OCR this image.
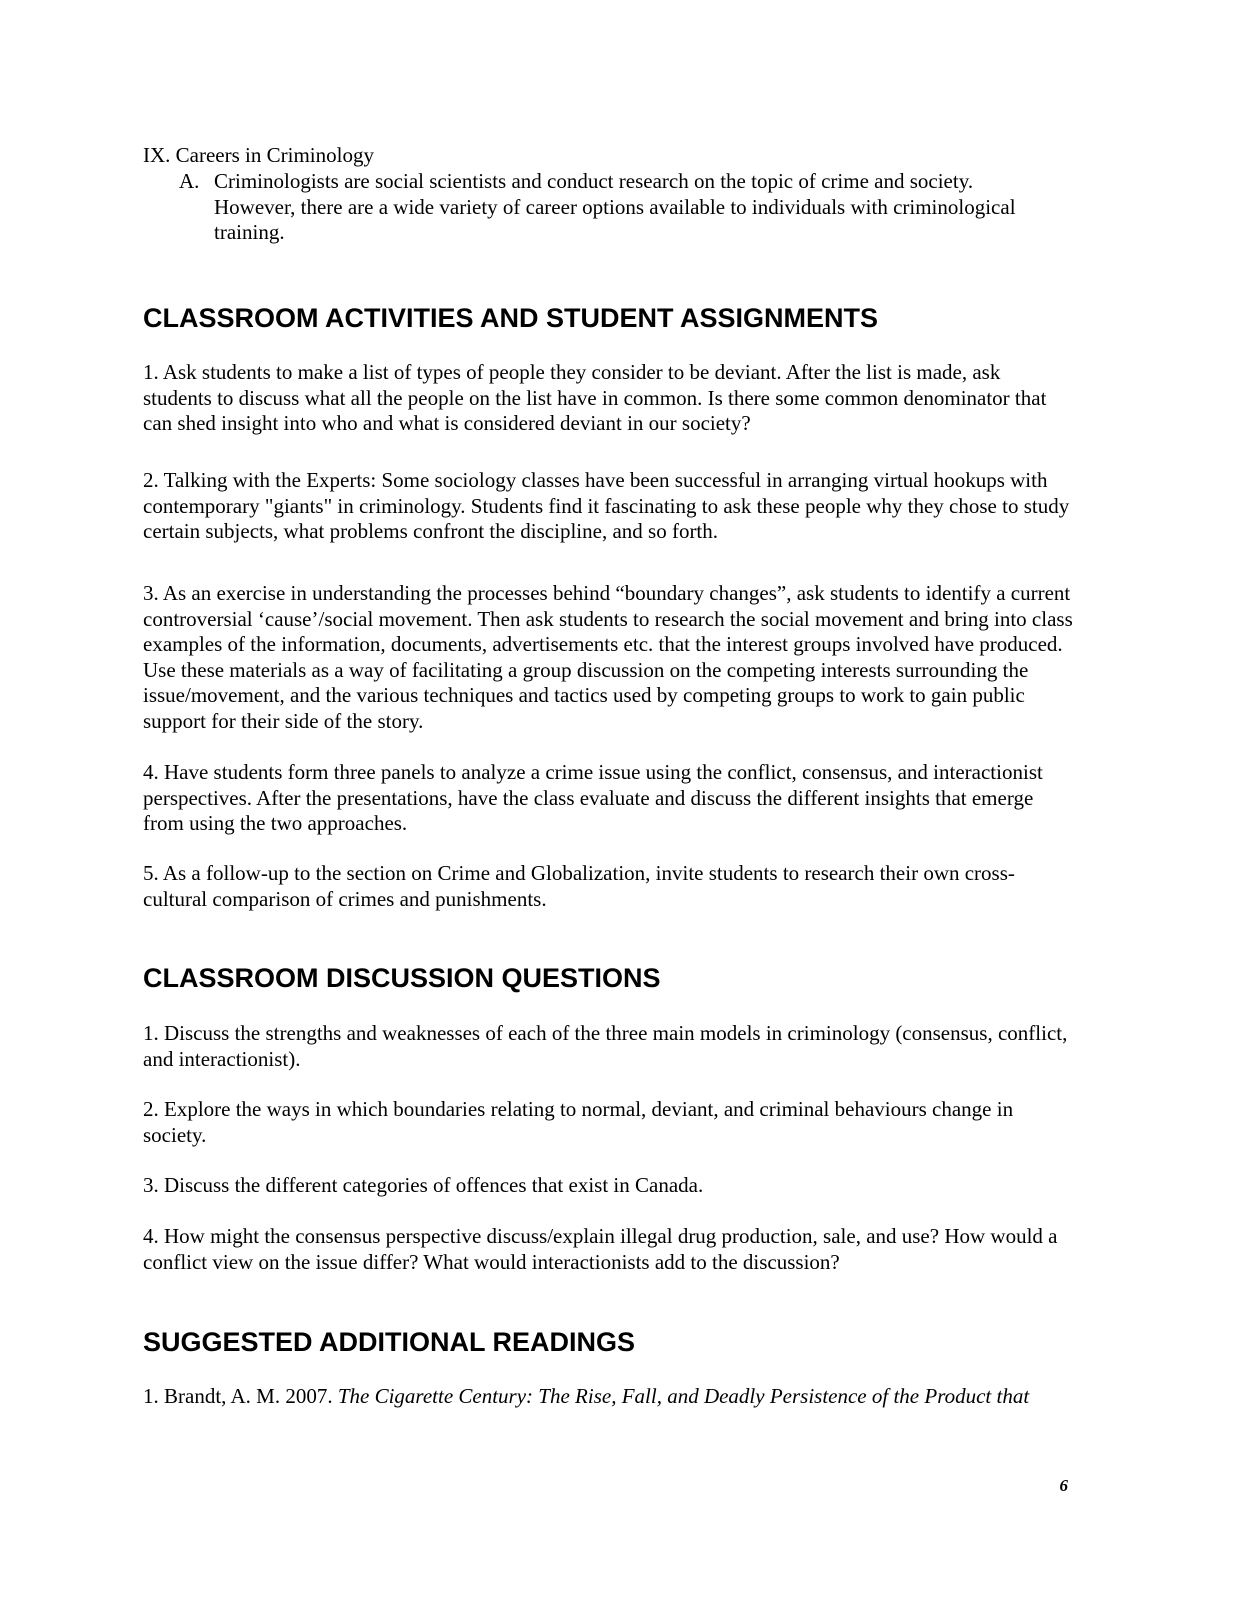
IX. Careers in Criminology

A. Criminologists are social scientists and conduct research on the topic of crime and society. However, there are a wide variety of career options available to individuals with criminological training.
CLASSROOM ACTIVITIES AND STUDENT ASSIGNMENTS

1. Ask students to make a list of types of people they consider to be deviant. After the list is made, ask students to discuss what all the people on the list have in common. Is there some common denominator that can shed insight into who and what is considered deviant in our society?

2. Talking with the Experts: Some sociology classes have been successful in arranging virtual hookups with contemporary "giants" in criminology. Students find it fascinating to ask these people why they chose to study certain subjects, what problems confront the discipline, and so forth.

3. As an exercise in understanding the processes behind “boundary changes”, ask students to identify a current controversial ‘cause’/social movement. Then ask students to research the social movement and bring into class examples of the information, documents, advertisements etc. that the interest groups involved have produced. Use these materials as a way of facilitating a group discussion on the competing interests surrounding the issue/movement, and the various techniques and tactics used by competing groups to work to gain public support for their side of the story.

4. Have students form three panels to analyze a crime issue using the conflict, consensus, and interactionist perspectives. After the presentations, have the class evaluate and discuss the different insights that emerge from using the two approaches.

5. As a follow-up to the section on Crime and Globalization, invite students to research their own cross-cultural comparison of crimes and punishments.

CLASSROOM DISCUSSION QUESTIONS

1. Discuss the strengths and weaknesses of each of the three main models in criminology (consensus, conflict, and interactionist).

2. Explore the ways in which boundaries relating to normal, deviant, and criminal behaviours change in society.

3. Discuss the different categories of offences that exist in Canada.

4. How might the consensus perspective discuss/explain illegal drug production, sale, and use? How would a conflict view on the issue differ? What would interactionists add to the discussion?

SUGGESTED ADDITIONAL READINGS

1. Brandt, A. M. 2007. The Cigarette Century: The Rise, Fall, and Deadly Persistence of the Product that

6
